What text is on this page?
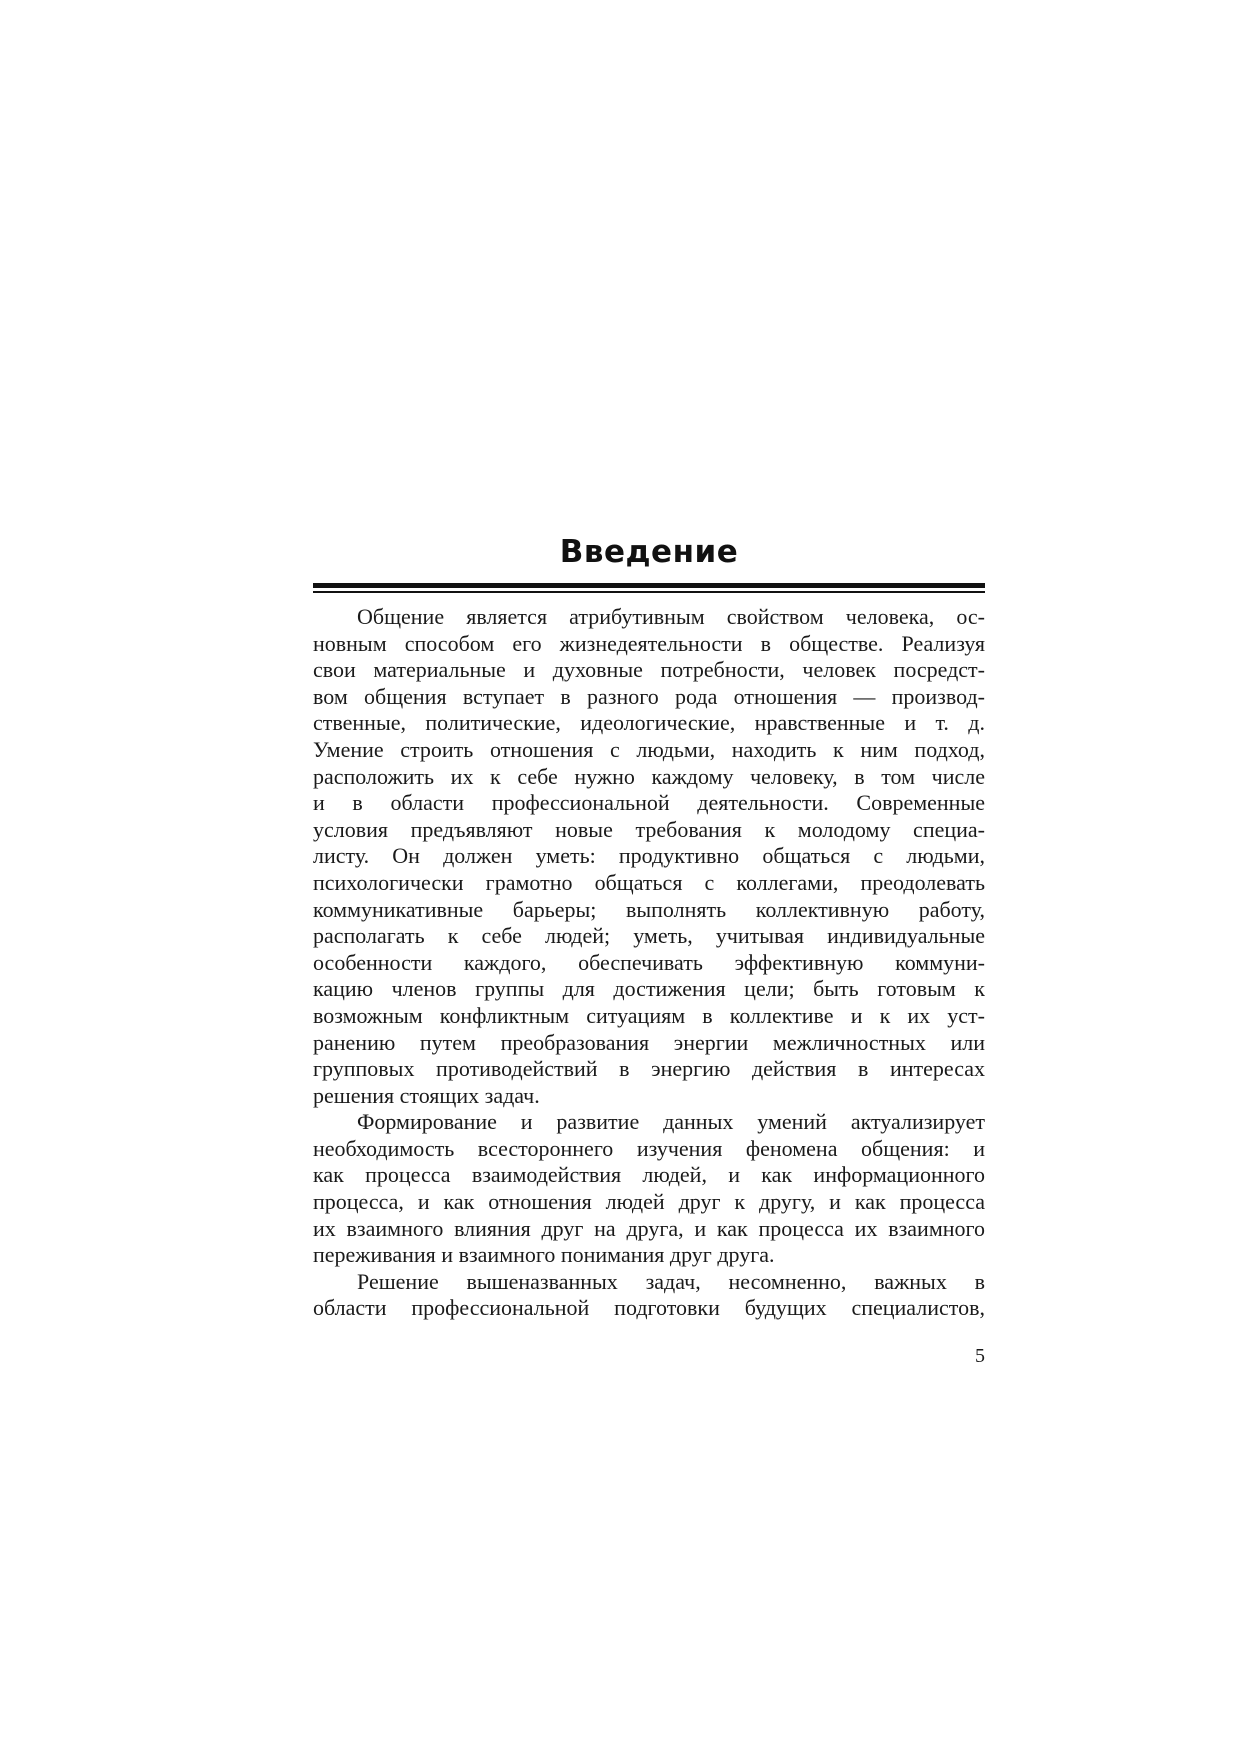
Введение

Общение является атрибутивным свойством человека, ос-
новным способом его жизнедеятельности в обществе. Реализуя
свои материальные и духовные потребности, человек посредст-
вом общения вступает в разного рода отношения — производ-
ственные, политические, идеологические, нравственные и т. д.
Умение строить отношения с людьми, находить к ним подход,
расположить их к себе нужно каждому человеку, в том числе
и в области профессиональной деятельности. Современные
условия предъявляют новые требования к молодому специа-
листу. Он должен уметь: продуктивно общаться с людьми,
психологически грамотно общаться с коллегами, преодолевать
коммуникативные барьеры; выполнять коллективную работу,
располагать к себе людей; уметь, учитывая индивидуальные
особенности каждого, обеспечивать эффективную коммуни-
кацию членов группы для достижения цели; быть готовым к
возможным конфликтным ситуациям в коллективе и к их уст-
ранению путем преобразования энергии межличностных или
групповых противодействий в энергию действия в интересах
решения стоящих задач.

Формирование и развитие данных умений актуализирует
необходимость всестороннего изучения феномена общения: и
как процесса взаимодействия людей, и как информационного
процесса, и как отношения людей друг к другу, и как процесса
их взаимного влияния друг на друга, и как процесса их взаимного
переживания и взаимного понимания друг друга.

Решение вышеназванных задач, несомненно, важных в
области профессиональной подготовки будущих специалистов,

5
